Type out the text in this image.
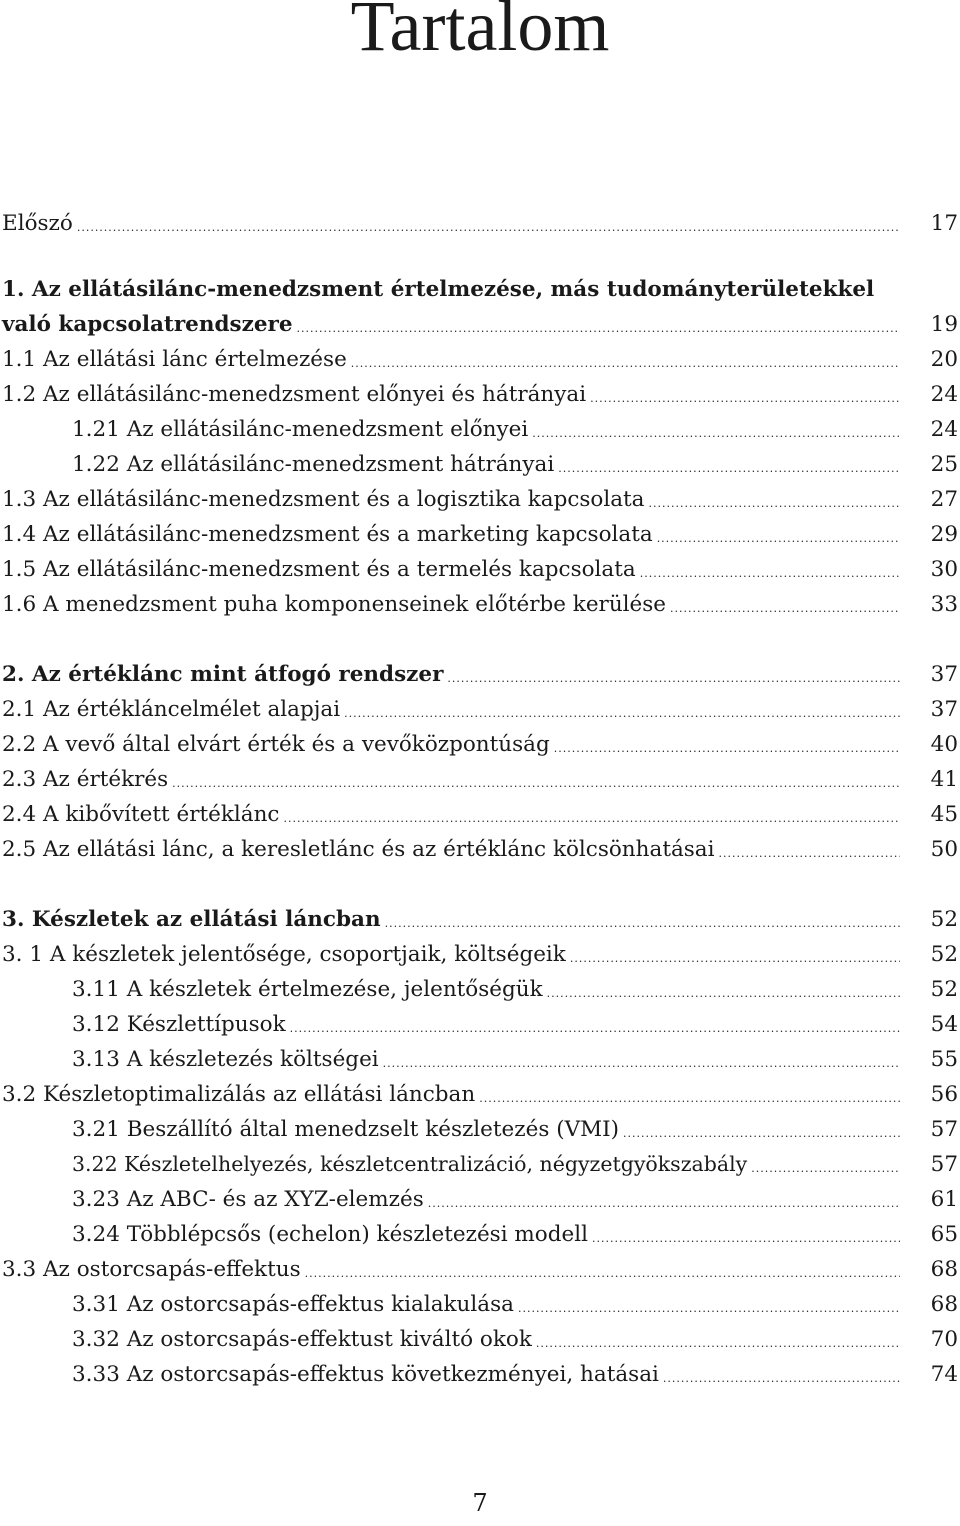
Tartalom
Előszó .....	17
1. Az ellátásilánc-menedzsment értelmezése, más tudományterületekkel
való kapcsolatrendszere .....	19
1.1 Az ellátási lánc értelmezése .....	20
1.2 Az ellátásilánc-menedzsment előnyei és hátrányai .....	24
1.21 Az ellátásilánc-menedzsment előnyei .....	24
1.22 Az ellátásilánc-menedzsment hátrányai .....	25
1.3 Az ellátásilánc-menedzsment és a logisztika kapcsolata .....	27
1.4 Az ellátásilánc-menedzsment és a marketing kapcsolata .....	29
1.5 Az ellátásilánc-menedzsment és a termelés kapcsolata .....	30
1.6 A menedzsment puha komponenseinek előtérbe kerülése .....	33
2. Az értéklánc mint átfogó rendszer .....	37
2.1 Az értékláncelmélet alapjai .....	37
2.2 A vevő által elvárt érték és a vevőközpontúság .....	40
2.3 Az értékrés .....	41
2.4 A kibővített értéklánc .....	45
2.5 Az ellátási lánc, a keresletlánc és az értéklánc kölcsönhatásai .....	50
3. Készletek az ellátási láncban .....	52
3. 1 A készletek jelentősége, csoportjaik, költségeik .....	52
3.11 A készletek értelmezése, jelentőségük .....	52
3.12 Készlettípusok .....	54
3.13 A készletezés költségei .....	55
3.2 Készletoptimalizálás az ellátási láncban .....	56
3.21 Beszállító által menedzselt készletezés (VMI) .....	57
3.22 Készletelhelyezés, készletcentralizáció, négyzetgyökszabály .....	57
3.23 Az ABC- és az XYZ-elemzés .....	61
3.24 Többlépcsős (echelon) készletezési modell .....	65
3.3 Az ostorcsapás-effektus .....	68
3.31 Az ostorcsapás-effektus kialakulása .....	68
3.32 Az ostorcsapás-effektust kiváltó okok .....	70
3.33 Az ostorcsapás-effektus következményei, hatásai .....	74
7
